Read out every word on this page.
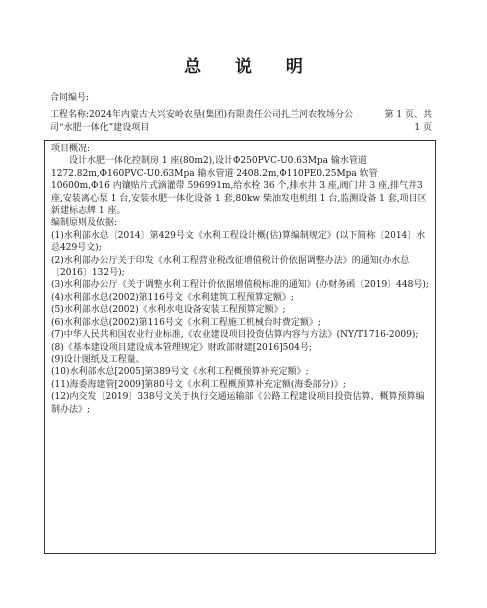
总 说 明
合同编号:
工程名称:2024年内蒙古大兴安岭农垦(集团)有限责任公司扎兰河农牧场分公司“水肥一体化”建设项目
第 1 页、共
1 页

项目概况:

设计水肥一体化控制房 1 座(80m2),设计Φ250PVC-U0.63Mpa 输水管道1272.82m,Φ160PVC-U0.63Mpa 输水管道 2408.2m,Φ110PE0.25Mpa 软管10600m,Φ16 内镶贴片式滴灌带 596991m,给水栓 36 个,排水井 3 座,阀门井 3 座,排气井3座,安装离心泵 1 台,安装水肥一体化设备 1 套,80kw 柴油发电机组 1 台,监测设备 1 套,项目区新建标志牌 1 座。

编制原则及依据:

(1)水利部水总〔2014〕第429号文《水利工程设计概(估)算编制规定》(以下简称〔2014〕水总429号文);

(2)水利部办公厅关于印发《水利工程营业税改征增值税计价依据调整办法》的通知(办水总〔2016〕132号);

(3)水利部办公厅《关于调整水利工程计价依据增值税标准的通知》(办财务函〔2019〕448号);

(4)水利部水总(2002)第116号文《水利建筑工程预算定额》;

(5)水利部水总(2002)《水利水电设备安装工程预算定额》;

(6)水利部水总(2002)第116号文《水利工程施工机械台时费定额》;

(7)中华人民共和国农业行业标准,《农业建设项目投资估算内容与方法》(NY/T1716-2009);

(8)《基本建设项目建设成本管理规定》财政部财建[2016]504号;

(9)设计图纸及工程量。

(10)水利部水总[2005]第389号文《水利工程概预算补充定额》;

(11)海委海建管[2009]第80号文《水利工程概预算补充定额(海委部分)》;

(12)内交发〔2019〕338号文关于执行交通运输部《公路工程建设项目投资估算、概算预算编制办法》;
